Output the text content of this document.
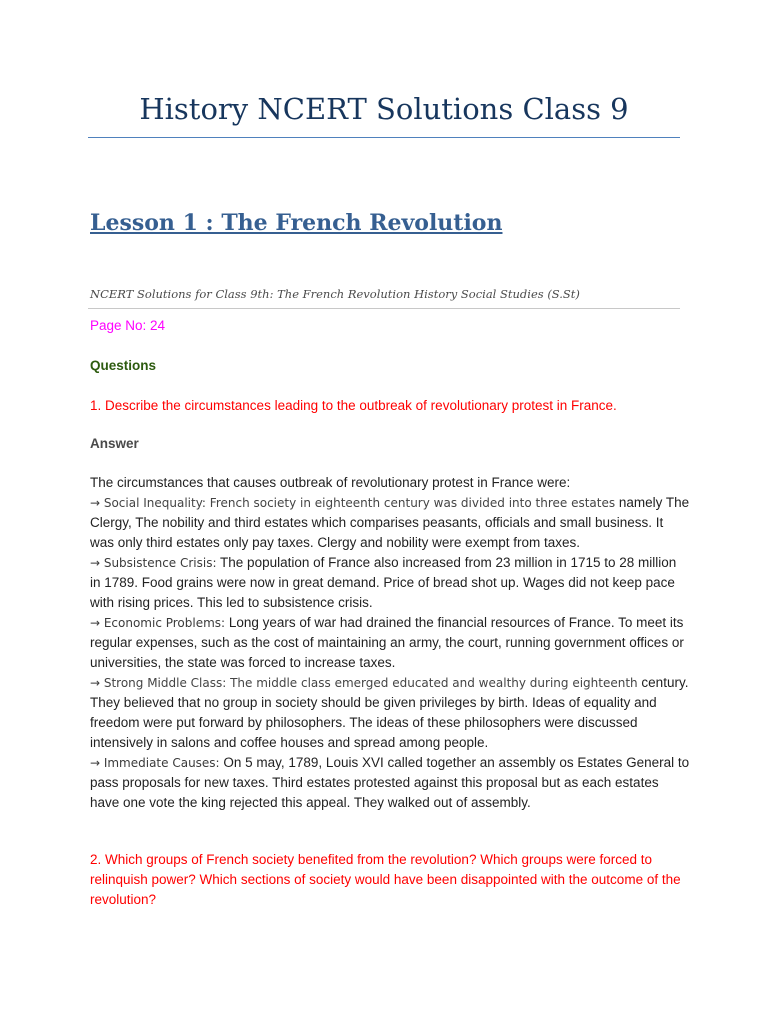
History NCERT Solutions Class 9
Lesson 1 : The French Revolution
NCERT Solutions for Class 9th: The French Revolution History Social Studies (S.St)
Page No: 24
Questions
1. Describe the circumstances leading to the outbreak of revolutionary protest in France.
Answer

The circumstances that causes outbreak of revolutionary protest in France were:

→ Social Inequality: French society in eighteenth century was divided into three estates namely The Clergy, The nobility and third estates which comparises peasants, officials and small business. It was only third estates only pay taxes. Clergy and nobility were exempt from taxes.

→ Subsistence Crisis: The population of France also increased from 23 million in 1715 to 28 million in 1789. Food grains were now in great demand. Price of bread shot up. Wages did not keep pace with rising prices. This led to subsistence crisis.

→ Economic Problems: Long years of war had drained the financial resources of France. To meet its regular expenses, such as the cost of maintaining an army, the court, running government offices or universities, the state was forced to increase taxes.

→ Strong Middle Class: The middle class emerged educated and wealthy during eighteenth century. They believed that no group in society should be given privileges by birth. Ideas of equality and freedom were put forward by philosophers. The ideas of these philosophers were discussed intensively in salons and coffee houses and spread among people.

→ Immediate Causes: On 5 may, 1789, Louis XVI called together an assembly os Estates General to pass proposals for new taxes. Third estates protested against this proposal but as each estates have one vote the king rejected this appeal. They walked out of assembly.

2. Which groups of French society benefited from the revolution? Which groups were forced to relinquish power? Which sections of society would have been disappointed with the outcome of the revolution?
